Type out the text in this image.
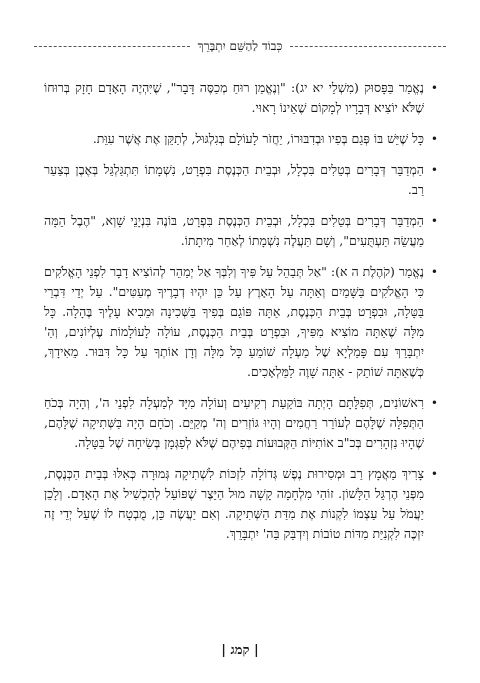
כְּבוֹד לַהַשֵּׁם יִתְבָּרֵךְ
•
נֶאֱמַר בַּפָּסוּק (מִשְׁלֵי יא יג): "וְנֶאֱמַן רוּחַ מְכַסֶּה דָּבָר", שֶׁיִּהְיֶה הָאָדָם חָזָק בְּרוּחוֹ שֶׁלֹּא יוֹצִיא דְּבָרָיו לְמָקוֹם שֶׁאֵינוֹ רָאוּי.
•
כָּל שֶׁיֵּשׁ בּוֹ פְּגַם בְּפִיו וּבְדִבּוּרוֹ, יַחֲזֹר לָעוֹלָם בְּגִלְגּוּל, לְתַקֵּן אֶת אֲשֶׁר עִוֵּת.
•
הַמְדַבֵּר דְּבָרִים בְּטֵלִים בִּכְלָל, וּבְבֵית הַכְּנֶסֶת בִּפְרָט, נִשְׁמָתוֹ תִּתְגַּלְגֵּל בְּאֶבֶן בְּצַעַר רַב.
•
הַמְדַבֵּר דְּבָרִים בְּטֵלִים בִּכְלָל, וּבְבֵית הַכְּנֶסֶת בִּפְרָט, בּוֹנֶה בִּנְיָנֵי שָׁוְא, "הֶבֶל הֵמָּה מַעֲשֵׂה תַּעְתֻּעִים", וְשָׁם תַּעֲלֶה נִשְׁמָתוֹ לְאַחַר מִיתָתוֹ.
•
נֶאֱמַר (קֹהֶלֶת ה א): "אַל תְּבַהֵל עַל פִּיךָ וְלִבְּךָ אַל יְמַהֵר לְהוֹצִיא דָבָר לִפְנֵי הָאֱלֹקִים כִּי הָאֱלֹקִים בַּשָּׁמַיִם וְאַתָּה עַל הָאָרֶץ עַל כֵּן יִהְיוּ דְבָרֶיךָ מְעַטִּים". עַל יְדֵי דִּבְרֵי בַּטָּלָה, וּבִפְרָט בְּבֵית הַכְּנֶסֶת, אַתָּה פּוֹגֵם בְּפִיךָ בַּשְּׁכִינָה וּמֵבִיא עָלֶיךָ בֶּהָלָה. כָּל מִלָּה שֶׁאַתָּה מוֹצִיא מִפִּיךָ, וּבִפְרָט בְּבֵית הַכְּנֶסֶת, עוֹלָה לָעוֹלָמוֹת עֶלְיוֹנִים, וְהַ' יִתְבָּרֵךְ עִם פָּמַלְיָא שֶׁל מַעְלָה שׁוֹמֵעַ כָּל מִלָּה וְדָן אוֹתְךָ עַל כָּל דִּבּוּר. מֵאִידָךְ, כְּשֶׁאַתָּה שׁוֹתֵק - אַתָּה שָׁוֶה לַמַּלְאָכִים.
•
רִאשׁוֹנִים, תְּפִלָּתָם הָיְתָה בּוֹקַעַת רְקִיעִים וְעוֹלָה מִיָּד לְמַעְלָה לִפְנֵי ה', וְהָיָה בְּכֹחַ הַתְּפִלָּה שֶׁלָּהֶם לְעוֹרֵר רַחֲמִים וְהָיוּ גּוֹזְרִים וְה' מְקַיֵּם. וְכֹחָם הָיָה בַּשְּׁתִיקָה שֶׁלָּהֶם, שֶׁהָיוּ נִזְהָרִים בְּכ"ב אוֹתִיּוֹת הַקְּבוּעוֹת בְּפִיהֶם שֶׁלֹּא לְפַגְּמָן בְּשִׂיחָה שֶׁל בַּטָּלָה.
•
צָרִיךְ מַאֲמָץ רַב וּמְסִירוּת נֶפֶשׁ גְּדוֹלָה לִזְכּוֹת לִשְׁתִיקָה גְּמוּרָה כְּאִלּוּ בְּבֵית הַכְּנֶסֶת, מִפְּנֵי הֶרְגֵּל הַלָּשׁוֹן. זוֹהִי מִלְחָמָה קָשָׁה מוּל הַיֵּצֶר שֶׁפּוֹעֵל לְהַכְשִׁיל אֶת הָאָדָם. וְלָכֵן יַעֲמֹל עַל עַצְמוֹ לִקְנוֹת אֶת מִדַּת הַשְּׁתִיקָה. וְאִם יַעֲשֶׂה כֵּן, מֻבְטָח לוֹ שֶׁעַל יְדֵי זֶה יִזְכֶּה לִקְנִיַּת מִדּוֹת טוֹבוֹת וְיִדְבַּק בַּה' יִתְבָּרֵךְ.
| קמג |
